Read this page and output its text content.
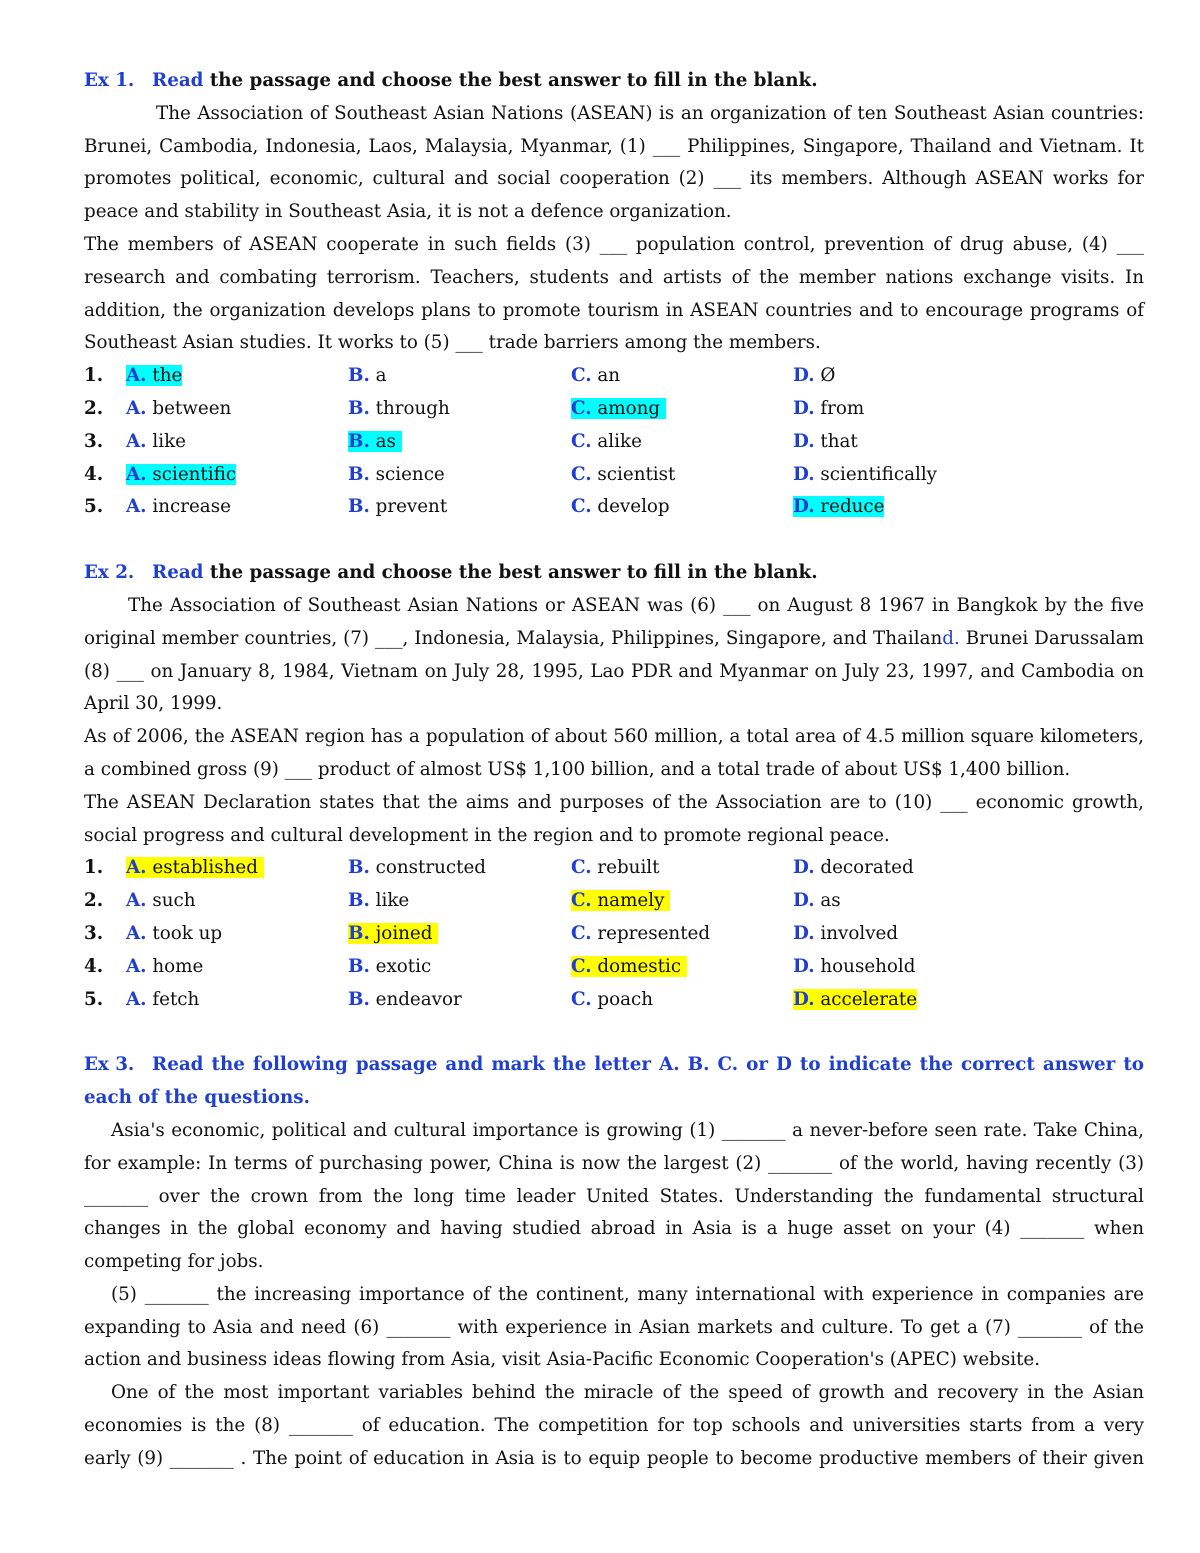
Ex 1. Read the passage and choose the best answer to fill in the blank.

The Association of Southeast Asian Nations (ASEAN) is an organization of ten Southeast Asian countries: Brunei, Cambodia, Indonesia, Laos, Malaysia, Myanmar, (1) ___ Philippines, Singapore, Thailand and Vietnam. It promotes political, economic, cultural and social cooperation (2) ___ its members. Although ASEAN works for peace and stability in Southeast Asia, it is not a defence organization.

The members of ASEAN cooperate in such fields (3) ___ population control, prevention of drug abuse, (4) ___ research and combating terrorism. Teachers, students and artists of the member nations exchange visits. In addition, the organization develops plans to promote tourism in ASEAN countries and to encourage programs of Southeast Asian studies. It works to (5) ___ trade barriers among the members.

1.	A. the	B. a	C. an	D. Ø
2.	A. between	B. through	C. among	D. from
3.	A. like	B. as	C. alike	D. that
4.	A. scientific	B. science	C. scientist	D. scientifically
5.	A. increase	B. prevent	C. develop	D. reduce
Ex 2. Read the passage and choose the best answer to fill in the blank.

The Association of Southeast Asian Nations or ASEAN was (6) ___ on August 8 1967 in Bangkok by the five original member countries, (7) ___, Indonesia, Malaysia, Philippines, Singapore, and Thailand. Brunei Darussalam (8) ___ on January 8, 1984, Vietnam on July 28, 1995, Lao PDR and Myanmar on July 23, 1997, and Cambodia on April 30, 1999.

As of 2006, the ASEAN region has a population of about 560 million, a total area of 4.5 million square kilometers, a combined gross (9) ___ product of almost US$ 1,100 billion, and a total trade of about US$ 1,400 billion.

The ASEAN Declaration states that the aims and purposes of the Association are to (10) ___ economic growth, social progress and cultural development in the region and to promote regional peace.

1.	A. established	B. constructed	C. rebuilt	D. decorated
2.	A. such	B. like	C. namely	D. as
3.	A. took up	B. joined	C. represented	D. involved
4.	A. home	B. exotic	C. domestic	D. household
5.	A. fetch	B. endeavor	C. poach	D. accelerate
Ex 3. Read the following passage and mark the letter A. B. C. or D to indicate the correct answer to each of the questions.

Asia's economic, political and cultural importance is growing (1) _______ a never-before seen rate. Take China, for example: In terms of purchasing power, China is now the largest (2) _______ of the world, having recently (3) _______ over the crown from the long time leader United States. Understanding the fundamental structural changes in the global economy and having studied abroad in Asia is a huge asset on your (4) _______ when competing for jobs.

(5) _______ the increasing importance of the continent, many international with experience in companies are expanding to Asia and need (6) _______ with experience in Asian markets and culture. To get a (7) _______ of the action and business ideas flowing from Asia, visit Asia-Pacific Economic Cooperation's (APEC) website.

One of the most important variables behind the miracle of the speed of growth and recovery in the Asian economies is the (8) _______ of education. The competition for top schools and universities starts from a very early (9) _______ . The point of education in Asia is to equip people to become productive members of their given
